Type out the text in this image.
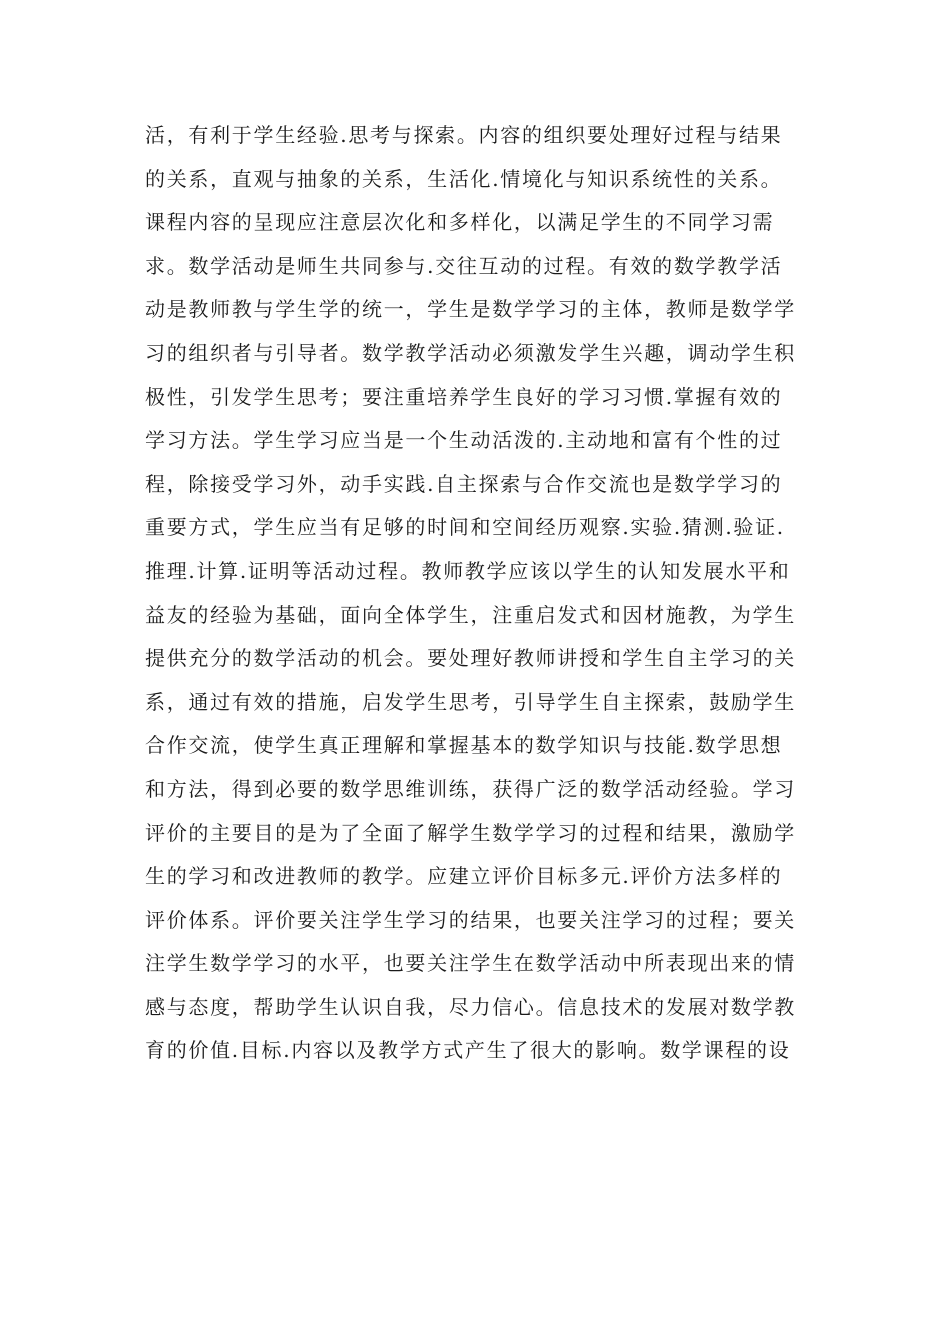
活，有利于学生经验.思考与探索。内容的组织要处理好过程与结果
的关系，直观与抽象的关系，生活化.情境化与知识系统性的关系。
课程内容的呈现应注意层次化和多样化，以满足学生的不同学习需
求。数学活动是师生共同参与.交往互动的过程。有效的数学教学活
动是教师教与学生学的统一，学生是数学学习的主体，教师是数学学
习的组织者与引导者。数学教学活动必须激发学生兴趣，调动学生积
极性，引发学生思考；要注重培养学生良好的学习习惯.掌握有效的
学习方法。学生学习应当是一个生动活泼的.主动地和富有个性的过
程，除接受学习外，动手实践.自主探索与合作交流也是数学学习的
重要方式，学生应当有足够的时间和空间经历观察.实验.猜测.验证.
推理.计算.证明等活动过程。教师教学应该以学生的认知发展水平和
益友的经验为基础，面向全体学生，注重启发式和因材施教，为学生
提供充分的数学活动的机会。要处理好教师讲授和学生自主学习的关
系，通过有效的措施，启发学生思考，引导学生自主探索，鼓励学生
合作交流，使学生真正理解和掌握基本的数学知识与技能.数学思想
和方法，得到必要的数学思维训练，获得广泛的数学活动经验。学习
评价的主要目的是为了全面了解学生数学学习的过程和结果，激励学
生的学习和改进教师的教学。应建立评价目标多元.评价方法多样的
评价体系。评价要关注学生学习的结果，也要关注学习的过程；要关
注学生数学学习的水平，也要关注学生在数学活动中所表现出来的情
感与态度，帮助学生认识自我，尽力信心。信息技术的发展对数学教
育的价值.目标.内容以及教学方式产生了很大的影响。数学课程的设
